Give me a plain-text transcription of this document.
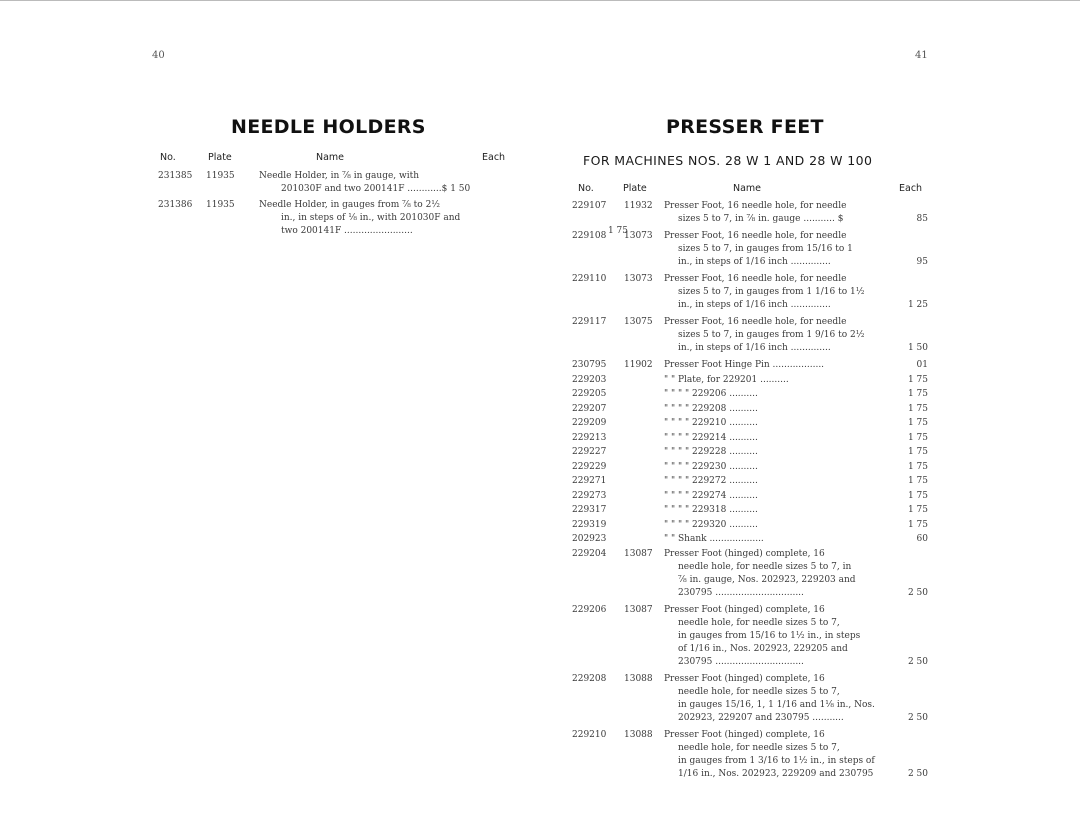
40
NEEDLE HOLDERS
No.	Plate	Name	Each
231385 11935	Needle Holder, in ⅞ in gauge, with
201030F and two 200141F ............$ 1 50
231386 11935	Needle Holder, in gauges from ⅞ to 2½
in., in steps of ⅛ in., with 201030F and
two 200141F ........................	1 75
41
PRESSER FEET
FOR MACHINES NOS. 28 W 1 AND 28 W 100
No.	Plate	Name	Each
229107 11932 Presser Foot, 16 needle hole, for needle
sizes 5 to 7, in ⅞ in. gauge ........... $	85
229108 13073 Presser Foot, 16 needle hole, for needle
sizes 5 to 7, in gauges from 15/16 to 1
in., in steps of 1/16 inch ..............	95
229110 13073 Presser Foot, 16 needle hole, for needle
sizes 5 to 7, in gauges from 1 1/16 to 1½
in., in steps of 1/16 inch ..............	1 25
229117 13075 Presser Foot, 16 needle hole, for needle
sizes 5 to 7, in gauges from 1 9/16 to 2½
in., in steps of 1/16 inch ..............	1 50
230795 11902 Presser Foot Hinge Pin ..................	01
229203	" " Plate, for 229201 ..........	1 75
229205	" " " " 229206 ..........	1 75
229207	" " " " 229208 ..........	1 75
229209	" " " " 229210 ..........	1 75
229213	" " " " 229214 ..........	1 75
229227	" " " " 229228 ..........	1 75
229229	" " " " 229230 ..........	1 75
229271	" " " " 229272 ..........	1 75
229273	" " " " 229274 ..........	1 75
229317	" " " " 229318 ..........	1 75
229319	" " " " 229320 ..........	1 75
202923	" " Shank ...................	60
229204 13087 Presser Foot (hinged) complete, 16
needle hole, for needle sizes 5 to 7, in
⅞ in. gauge, Nos. 202923, 229203 and
230795 ...............................	2 50
229206 13087 Presser Foot (hinged) complete, 16
needle hole, for needle sizes 5 to 7,
in gauges from 15/16 to 1½ in., in steps
of 1/16 in., Nos. 202923, 229205 and
230795 ...............................	2 50
229208 13088 Presser Foot (hinged) complete, 16
needle hole, for needle sizes 5 to 7,
in gauges 15/16, 1, 1 1/16 and 1⅛ in., Nos.
202923, 229207 and 230795 ...........	2 50
229210 13088 Presser Foot (hinged) complete, 16
needle hole, for needle sizes 5 to 7,
in gauges from 1 3/16 to 1½ in., in steps of
1/16 in., Nos. 202923, 229209 and 230795	2 50
